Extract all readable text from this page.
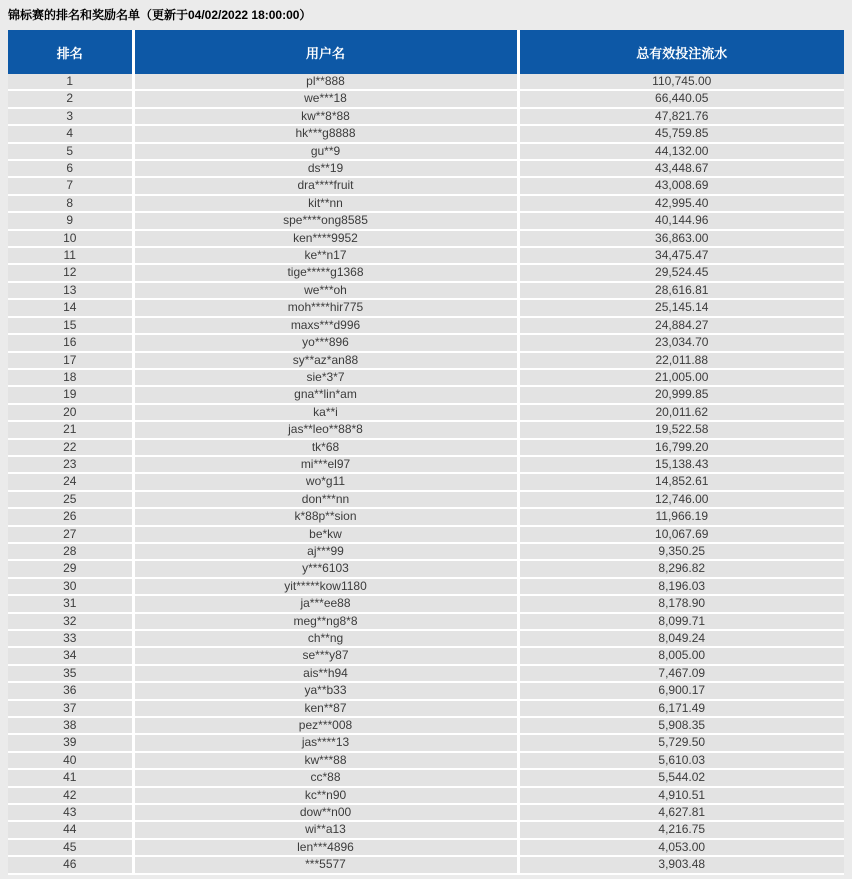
锦标赛的排名和奖励名单（更新于04/02/2022 18:00:00）
排名	用户名	总有效投注流水
1	pl**888	110,745.00
2	we***18	66,440.05
3	kw**8*88	47,821.76
4	hk***g8888	45,759.85
5	gu**9	44,132.00
6	ds**19	43,448.67
7	dra****fruit	43,008.69
8	kit**nn	42,995.40
9	spe****ong8585	40,144.96
10	ken****9952	36,863.00
11	ke**n17	34,475.47
12	tige*****g1368	29,524.45
13	we***oh	28,616.81
14	moh****hir775	25,145.14
15	maxs***d996	24,884.27
16	yo***896	23,034.70
17	sy**az*an88	22,011.88
18	sie*3*7	21,005.00
19	gna**lin*am	20,999.85
20	ka**i	20,011.62
21	jas**leo**88*8	19,522.58
22	tk*68	16,799.20
23	mi***el97	15,138.43
24	wo*g11	14,852.61
25	don***nn	12,746.00
26	k*88p**sion	11,966.19
27	be*kw	10,067.69
28	aj***99	9,350.25
29	y***6103	8,296.82
30	yit*****kow1180	8,196.03
31	ja***ee88	8,178.90
32	meg**ng8*8	8,099.71
33	ch**ng	8,049.24
34	se***y87	8,005.00
35	ais**h94	7,467.09
36	ya**b33	6,900.17
37	ken**87	6,171.49
38	pez***008	5,908.35
39	jas****13	5,729.50
40	kw***88	5,610.03
41	cc*88	5,544.02
42	kc**n90	4,910.51
43	dow**n00	4,627.81
44	wi**a13	4,216.75
45	len***4896	4,053.00
46	***5577	3,903.48
